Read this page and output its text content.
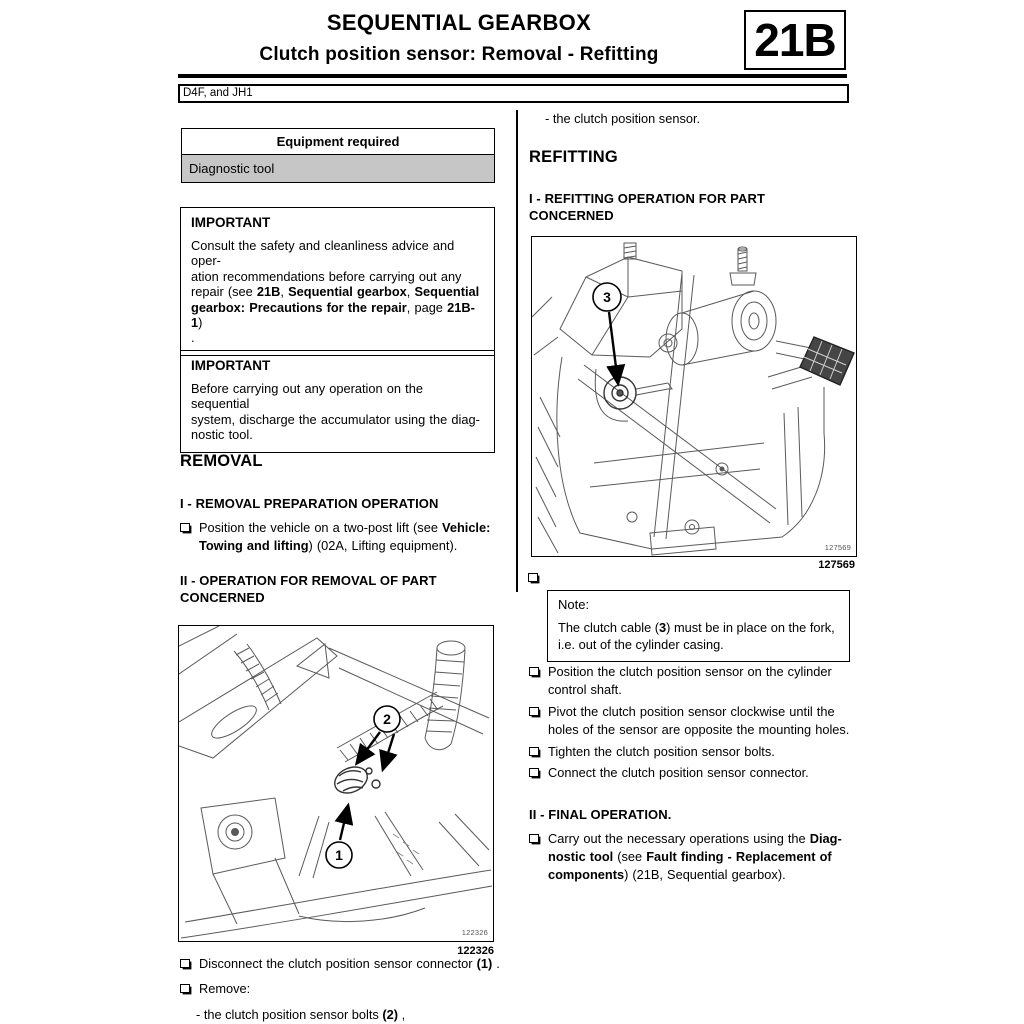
SEQUENTIAL GEARBOX
Clutch position sensor: Removal - Refitting	21B
D4F, and JH1
Equipment required
Diagnostic tool
IMPORTANT
Consult the safety and cleanliness advice and oper-
ation recommendations before carrying out any
repair (see 21B, Sequential gearbox, Sequential
gearbox: Precautions for the repair, page 21B-1)
.
IMPORTANT
Before carrying out any operation on the sequential
system, discharge the accumulator using the diag-
nostic tool.
REMOVAL
I - REMOVAL PREPARATION OPERATION
Position the vehicle on a two-post lift (see Vehicle:
Towing and lifting) (02A, Lifting equipment).
II - OPERATION FOR REMOVAL OF PART
CONCERNED
2
1
122326
122326
Disconnect the clutch position sensor connector (1) .
Remove:
- the clutch position sensor bolts (2) ,
- the clutch position sensor.
REFITTING
I - REFITTING OPERATION FOR PART
CONCERNED
3
127569
127569
Note:
The clutch cable (3) must be in place on the fork,
i.e. out of the cylinder casing.
Position the clutch position sensor on the cylinder
control shaft.
Pivot the clutch position sensor clockwise until the
holes of the sensor are opposite the mounting holes.
Tighten the clutch position sensor bolts.
Connect the clutch position sensor connector.
II - FINAL OPERATION.
Carry out the necessary operations using the Diag-
nostic tool (see Fault finding - Replacement of
components) (21B, Sequential gearbox).
